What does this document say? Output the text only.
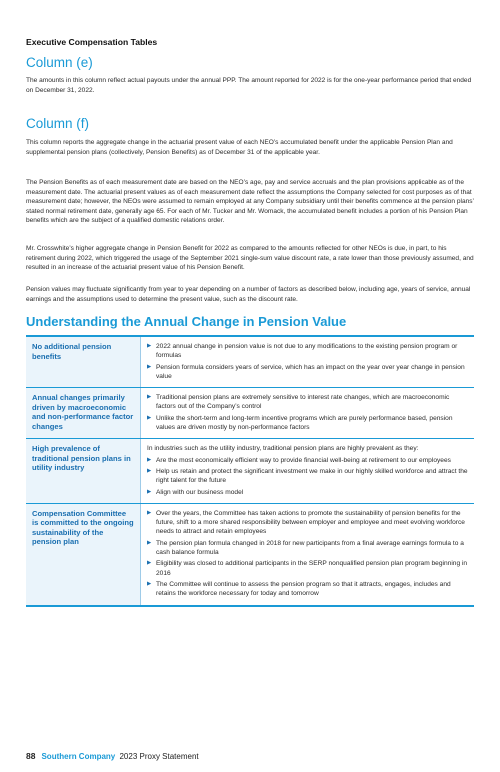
Executive Compensation Tables
Column (e)

The amounts in this column reflect actual payouts under the annual PPP. The amount reported for 2022 is for the one-year performance period that ended on December 31, 2022.

Column (f)

This column reports the aggregate change in the actuarial present value of each NEO’s accumulated benefit under the applicable Pension Plan and supplemental pension plans (collectively, Pension Benefits) as of December 31 of the applicable year.

The Pension Benefits as of each measurement date are based on the NEO’s age, pay and service accruals and the plan provisions applicable as of the measurement date. The actuarial present values as of each measurement date reflect the assumptions the Company selected for cost purposes as of that measurement date; however, the NEOs were assumed to remain employed at any Company subsidiary until their benefits commence at the pension plans’ stated normal retirement date, generally age 65. For each of Mr. Tucker and Mr. Womack, the accumulated benefit includes a portion of his Pension Plan benefits which are the subject of a qualified domestic relations order.

Mr. Crosswhite’s higher aggregate change in Pension Benefit for 2022 as compared to the amounts reflected for other NEOs is due, in part, to his retirement during 2022, which triggered the usage of the September 2021 single-sum value discount rate, a rate lower than those previously assumed, and resulted in an increase of the actuarial present value of his Pension Benefit.

Pension values may fluctuate significantly from year to year depending on a number of factors as described below, including age, years of service, annual earnings and the assumptions used to determine the present value, such as the discount rate.

Understanding the Annual Change in Pension Value
No additional pension benefits
▶ 2022 annual change in pension value is not due to any modifications to the existing pension program or formulas
▶ Pension formula considers years of service, which has an impact on the year over year change in pension value
Annual changes primarily driven by macroeconomic and non-performance factor changes
▶ Traditional pension plans are extremely sensitive to interest rate changes, which are macroeconomic factors out of the Company’s control
▶ Unlike the short-term and long-term incentive programs which are purely performance based, pension values are driven mostly by non-performance factors
High prevalence of traditional pension plans in utility industry

In industries such as the utility industry, traditional pension plans are highly prevalent as they:

▶ Are the most economically efficient way to provide financial well-being at retirement to our employees
▶ Help us retain and protect the significant investment we make in our highly skilled workforce and attract the right talent for the future
▶ Align with our business model
Compensation Committee is committed to the ongoing sustainability of the pension plan
▶ Over the years, the Committee has taken actions to promote the sustainability of pension benefits for the future, shift to a more shared responsibility between employer and employee and meet evolving workforce needs to attract and retain employees
▶ The pension plan formula changed in 2018 for new participants from a final average earnings formula to a cash balance formula
▶ Eligibility was closed to additional participants in the SERP nonqualified pension plan program beginning in 2016
▶ The Committee will continue to assess the pension program so that it attracts, engages, includes and retains the workforce necessary for today and tomorrow
88 Southern Company 2023 Proxy Statement
